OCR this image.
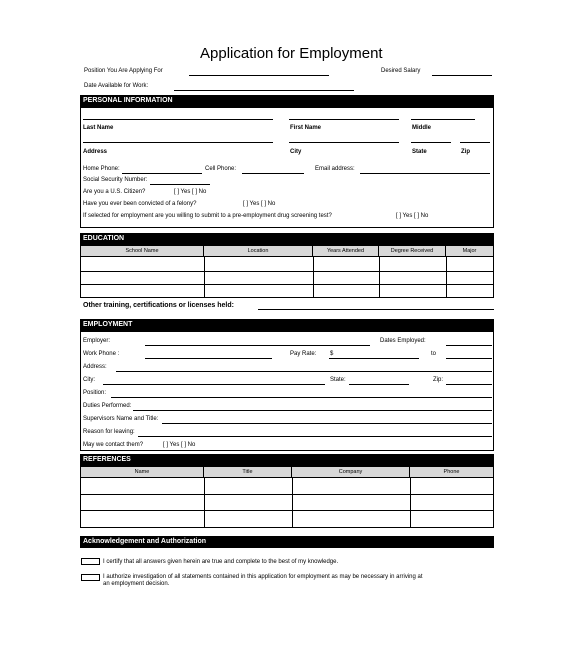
Application for Employment
Position You Are Applying For	Desired Salary
Date Available for Work:
PERSONAL INFORMATION
Last Name	First Name	Middle
Address	City	State	Zip
Home Phone:	Cell Phone:	Email address:
Social Security Number:
Are you a U.S. Citizen?	[ ] Yes [ ] No
Have you ever been convicted of a felony?	[ ] Yes [ ] No
If selected for employment are you willing to submit to a pre-employment drug screening test?	[ ] Yes [ ] No
EDUCATION
School Name	Location	Years Attended	Degree Received	Major
Other training, certifications or licenses held:
EMPLOYMENT
Employer:	Dates Employed:
Work Phone :	Pay Rate: $	to
Address:
City:	State:	Zip:
Position:
Duties Performed:
Supervisors Name and Title:
Reason for leaving:
May we contact them?	[ ] Yes [ ] No
REFERENCES
Name	Title	Company	Phone
Acknowledgement and Authorization
I certify that all answers given herein are true and complete to the best of my knowledge.
I authorize investigation of all statements contained in this application for employment as may be necessary in arriving at
an employment decision.
